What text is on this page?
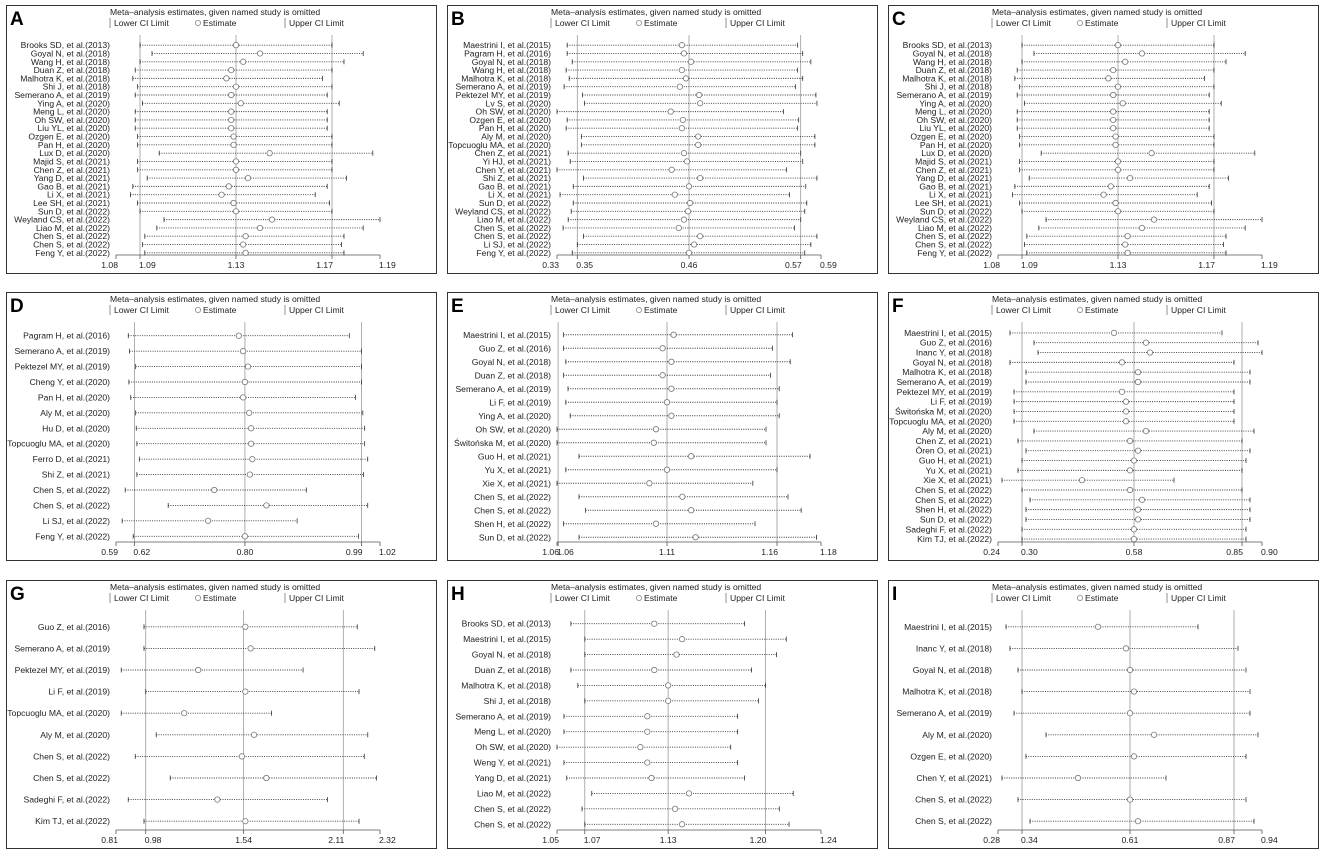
A	Meta–analysis estimates, given named study is omitted
Lower CI Limit	Estimate	Upper CI Limit
1.08 1.09	1.13	1.17	1.19
Brooks SD, et al.(2013)
Goyal N, et al.(2018)
Wang H, et al.(2018)
Duan Z, et al.(2018)
Malhotra K, et al.(2018)
Shi J, et al.(2018)
Semerano A, et al.(2019)
Ying A, et al.(2020)
Meng L, et al.(2020)
Oh SW, et al.(2020)
Liu YL, et al.(2020)
Ozgen E, et al.(2020)
Pan H, et al.(2020)
Lux D, et al.(2020)
Majid S, et al.(2021)
Chen Z, et al.(2021)
Yang D, et al.(2021)
Gao B, et al.(2021)
Li X, et al.(2021)
Lee SH, et al.(2021)
Sun D, et al.(2022)
Weyland CS, et al.(2022)
Liao M, et al.(2022)
Chen S, et al.(2022)
Chen S, et al.(2022)
Feng Y, et al.(2022)
B	Meta–analysis estimates, given named study is omitted
Lower CI Limit	Estimate	Upper CI Limit
0.33 0.35	0.46	0.57 0.59
Maestrini I, et al.(2015)
Pagram H, et al.(2016)
Goyal N, et al.(2018)
Wang H, et al.(2018)
Malhotra K, et al.(2018)
Semerano A, et al.(2019)
Pektezel MY, et al.(2019)
Lv S, et al.(2020)
Oh SW, et al.(2020)
Ozgen E, et al.(2020)
Pan H, et al.(2020)
Aly M, et al.(2020)
Topcuoglu MA, et al.(2020)
Chen Z, et al.(2021)
Yi HJ, et al.(2021)
Chen Y, et al.(2021)
Shi Z, et al.(2021)
Gao B, et al.(2021)
Li X, et al.(2021)
Sun D, et al.(2022)
Weyland CS, et al.(2022)
Liao M, et al.(2022)
Chen S, et al.(2022)
Chen S, et al.(2022)
Li SJ, et al.(2022)
Feng Y, et al.(2022)
C	Meta–analysis estimates, given named study is omitted
Lower CI Limit	Estimate	Upper CI Limit
1.08 1.09	1.13	1.17	1.19
Brooks SD, et al.(2013)
Goyal N, et al.(2018)
Wang H, et al.(2018)
Duan Z, et al.(2018)
Malhotra K, et al.(2018)
Shi J, et al.(2018)
Semerano A, et al.(2019)
Ying A, et al.(2020)
Meng L, et al.(2020)
Oh SW, et al.(2020)
Liu YL, et al.(2020)
Ozgen E, et al.(2020)
Pan H, et al.(2020)
Lux D, et al.(2020)
Majid S, et al.(2021)
Chen Z, et al.(2021)
Yang D, et al.(2021)
Gao B, et al.(2021)
Li X, et al.(2021)
Lee SH, et al.(2021)
Sun D, et al.(2022)
Weyland CS, et al.(2022)
Liao M, et al.(2022)
Chen S, et al.(2022)
Chen S, et al.(2022)
Feng Y, et al.(2022)
D	Meta–analysis estimates, given named study is omitted
Lower CI Limit	Estimate	Upper CI Limit
0.59 0.62	0.80	0.99 1.02
Pagram H, et al.(2016)
Semerano A, et al.(2019)
Pektezel MY, et al.(2019)
Cheng Y, et al.(2020)
Pan H, et al.(2020)
Aly M, et al.(2020)
Hu D, et al.(2020)
Topcuoglu MA, et al.(2020)
Ferro D, et al.(2021)
Shi Z, et al.(2021)
Chen S, et al.(2022)
Chen S, et al.(2022)
Li SJ, et al.(2022)
Feng Y, et al.(2022)
E	Meta–analysis estimates, given named study is omitted
Lower CI Limit	Estimate	Upper CI Limit
1.06
1.06	1.11	1.16	1.18
Maestrini I, et al.(2015)
Guo Z, et al.(2016)
Goyal N, et al.(2018)
Duan Z, et al.(2018)
Semerano A, et al.(2019)
Li F, et al.(2019)
Ying A, et al.(2020)
Oh SW, et al.(2020)
Świtońska M, et al.(2020)
Guo H, et al.(2021)
Yu X, et al.(2021)
Xie X, et al.(2021)
Chen S, et al.(2022)
Chen S, et al.(2022)
Shen H, et al.(2022)
Sun D, et al.(2022)
F	Meta–analysis estimates, given named study is omitted
Lower CI Limit	Estimate	Upper CI Limit
0.24 0.30	0.58	0.85 0.90
Maestrini I, et al.(2015)
Guo Z, et al.(2016)
Inanc Y, et al.(2018)
Goyal N, et al.(2018)
Malhotra K, et al.(2018)
Semerano A, et al.(2019)
Pektezel MY, et al.(2019)
Li F, et al.(2019)
Świtońska M, et al.(2020)
Topcuoglu MA, et al.(2020)
Aly M, et al.(2020)
Chen Z, et al.(2021)
Ören O, et al.(2021)
Guo H, et al.(2021)
Yu X, et al.(2021)
Xie X, et al.(2021)
Chen S, et al.(2022)
Chen S, et al.(2022)
Shen H, et al.(2022)
Sun D, et al.(2022)
Sadeghi F, et al.(2022)
Kim TJ, et al.(2022)
G	Meta–analysis estimates, given named study is omitted
Lower CI Limit	Estimate	Upper CI Limit
0.81	0.98	1.54	2.11	2.32
Guo Z, et al.(2016)
Semerano A, et al.(2019)
Pektezel MY, et al.(2019)
Li F, et al.(2019)
Topcuoglu MA, et al.(2020)
Aly M, et al.(2020)
Chen S, et al.(2022)
Chen S, et al.(2022)
Sadeghi F, et al.(2022)
Kim TJ, et al.(2022)
H	Meta–analysis estimates, given named study is omitted
Lower CI Limit	Estimate	Upper CI Limit
1.05	1.07	1.13	1.20	1.24
Brooks SD, et al.(2013)
Maestrini I, et al.(2015)
Goyal N, et al.(2018)
Duan Z, et al.(2018)
Malhotra K, et al.(2018)
Shi J, et al.(2018)
Semerano A, et al.(2019)
Meng L, et al.(2020)
Oh SW, et al.(2020)
Weng Y, et al.(2021)
Yang D, et al.(2021)
Liao M, et al.(2022)
Chen S, et al.(2022)
Chen S, et al.(2022)
I	Meta–analysis estimates, given named study is omitted
Lower CI Limit	Estimate	Upper CI Limit
0.28 0.34	0.61	0.87	0.94
Maestrini I, et al.(2015)
Inanc Y, et al.(2018)
Goyal N, et al.(2018)
Malhotra K, et al.(2018)
Semerano A, et al.(2019)
Aly M, et al.(2020)
Ozgen E, et al.(2020)
Chen Y, et al.(2021)
Chen S, et al.(2022)
Chen S, et al.(2022)
